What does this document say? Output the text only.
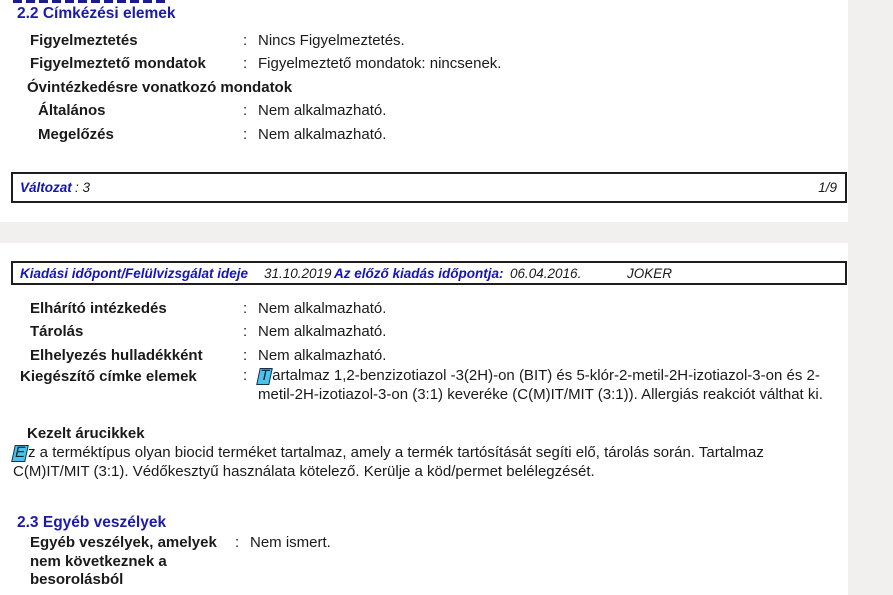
2.2 Címkézési elemek
Figyelmeztetés	: Nincs Figyelmeztetés.
Figyelmeztető mondatok	: Figyelmeztető mondatok: nincsenek.
Óvintézkedésre vonatkozó mondatok
Általános	: Nem alkalmazható.
Megelőzés	: Nem alkalmazható.
Változat : 3	1/9
Kiadási időpont/Felülvizsgálat ideje 31.10.2019 Az előző kiadás időpontja: 06.04.2016.	JOKER
Elhárító intézkedés	: Nem alkalmazható.
Tárolás	: Nem alkalmazható.
Elhelyezés hulladékként	: Nem alkalmazható.
Kiegészítő címke elemek	: Tartalmaz 1,2-benzizotiazol -3(2H)-on (BIT) és 5-klór-2-metil-2H-izotiazol-3-on és 2-metil-2H-izotiazol-3-on (3:1) keveréke (C(M)IT/MIT (3:1)). Allergiás reakciót válthat ki.
Kezelt árucikkek
Ez a terméktípus olyan biocid terméket tartalmaz, amely a termék tartósítását segíti elő, tárolás során. Tartalmaz C(M)IT/MIT (3:1). Védőkesztyű használata kötelező. Kerülje a köd/permet belélegzését.
2.3 Egyéb veszélyek
Egyéb veszélyek, amelyek nem következnek a besorolásból
: Nem ismert.
